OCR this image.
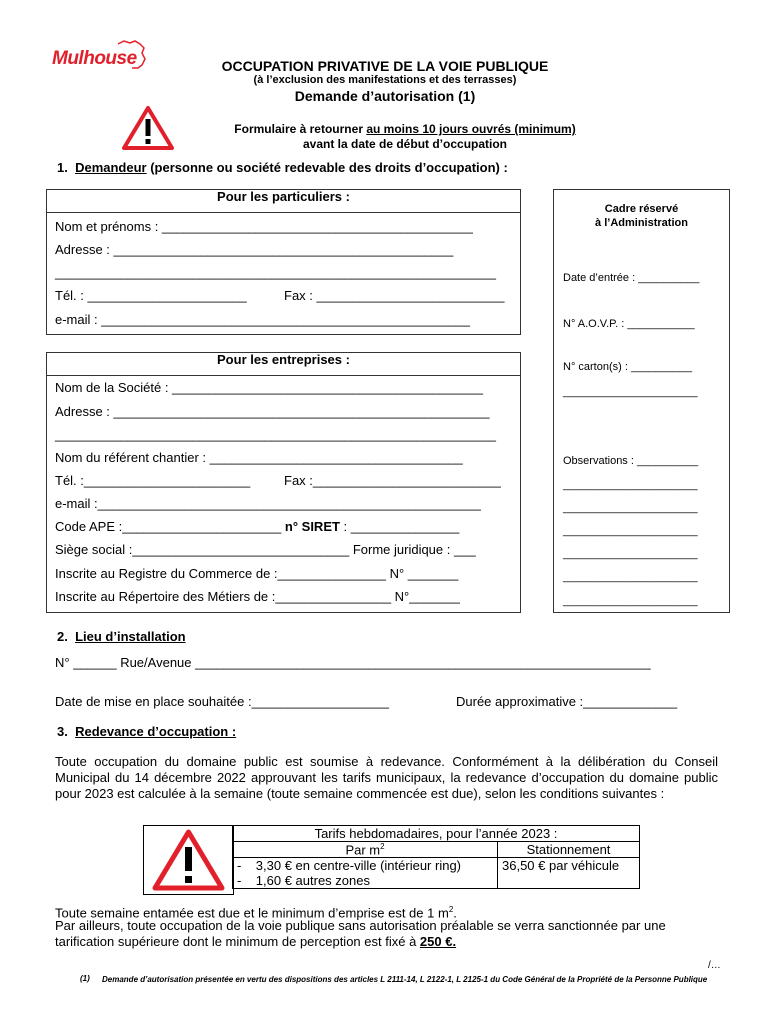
Mulhouse	OCCUPATION PRIVATIVE DE LA VOIE PUBLIQUE
(à l’exclusion des manifestations et des terrasses)
Demande d’autorisation (1)
Formulaire à retourner au moins 10 jours ouvrés (minimum)
avant la date de début d’occupation
1. Demandeur (personne ou société redevable des droits d’occupation) :
Pour les particuliers :
Nom et prénoms : ___________________________________________
Adresse : _______________________________________________
_____________________________________________________________
Tél. : ______________________	Fax : __________________________
e-mail : ___________________________________________________
Pour les entreprises :
Nom de la Société : ___________________________________________
Adresse : ____________________________________________________
_____________________________________________________________
Nom du référent chantier : ___________________________________
Tél. :_______________________	Fax :__________________________
e-mail :_____________________________________________________
Code APE :______________________ n° SIRET : _______________
Siège social :______________________________ Forme juridique : ___
Inscrite au Registre du Commerce de :_______________ N° _______
Inscrite au Répertoire des Métiers de :________________ N°_______
Cadre réservé
à l’Administration
Date d’entrée : __________
N° A.O.V.P. : ___________
N° carton(s) : __________
______________________
Observations : __________
______________________
______________________
______________________
______________________
______________________
______________________
2. Lieu d’installation
N° ______ Rue/Avenue _______________________________________________________________
Date de mise en place souhaitée :___________________	Durée approximative :_____________
3. Redevance d’occupation :
Toute occupation du domaine public est soumise à redevance. Conformément à la délibération du Conseil Municipal du 14 décembre 2022 approuvant les tarifs municipaux, la redevance d’occupation du domaine public pour 2023 est calculée à la semaine (toute semaine commencée est due), selon les conditions suivantes :
Tarifs hebdomadaires, pour l’année 2023 :	
Par $m^2$	Stationnement
- 3,30 € en centre-ville (intérieur ring)	36,50 € par véhicule
- 1,60 € autres zones	
Toute semaine entamée est due et le minimum d’emprise est de 1 $m^2$.
Par ailleurs, toute occupation de la voie publique sans autorisation préalable se verra sanctionnée par une tarification supérieure dont le minimum de perception est fixé à 250 €.
/…
(1) Demande d’autorisation présentée en vertu des dispositions des articles L 2111-14, L 2122-1, L 2125-1 du Code Général de la Propriété de la Personne Publique
